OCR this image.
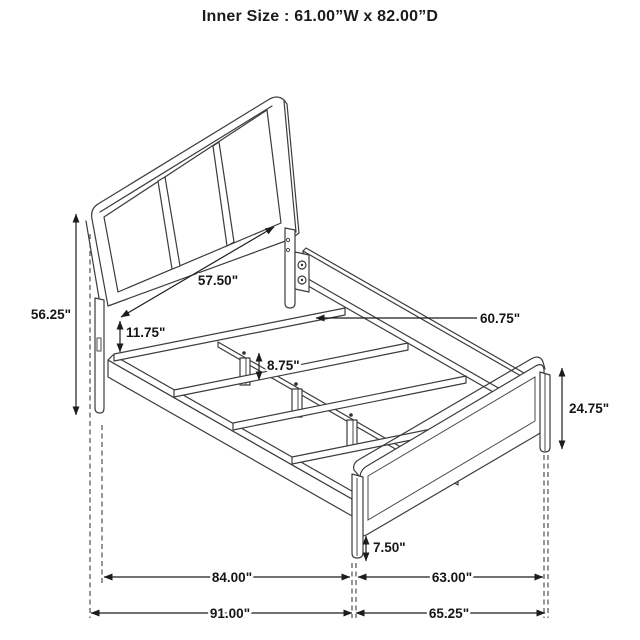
Inner Size : 61.00”W x 82.00”D
56.25"
57.50"
11.75"
60.75"
8.75"
24.75"
7.50"
84.00"	63.00"
91.00"	65.25"
